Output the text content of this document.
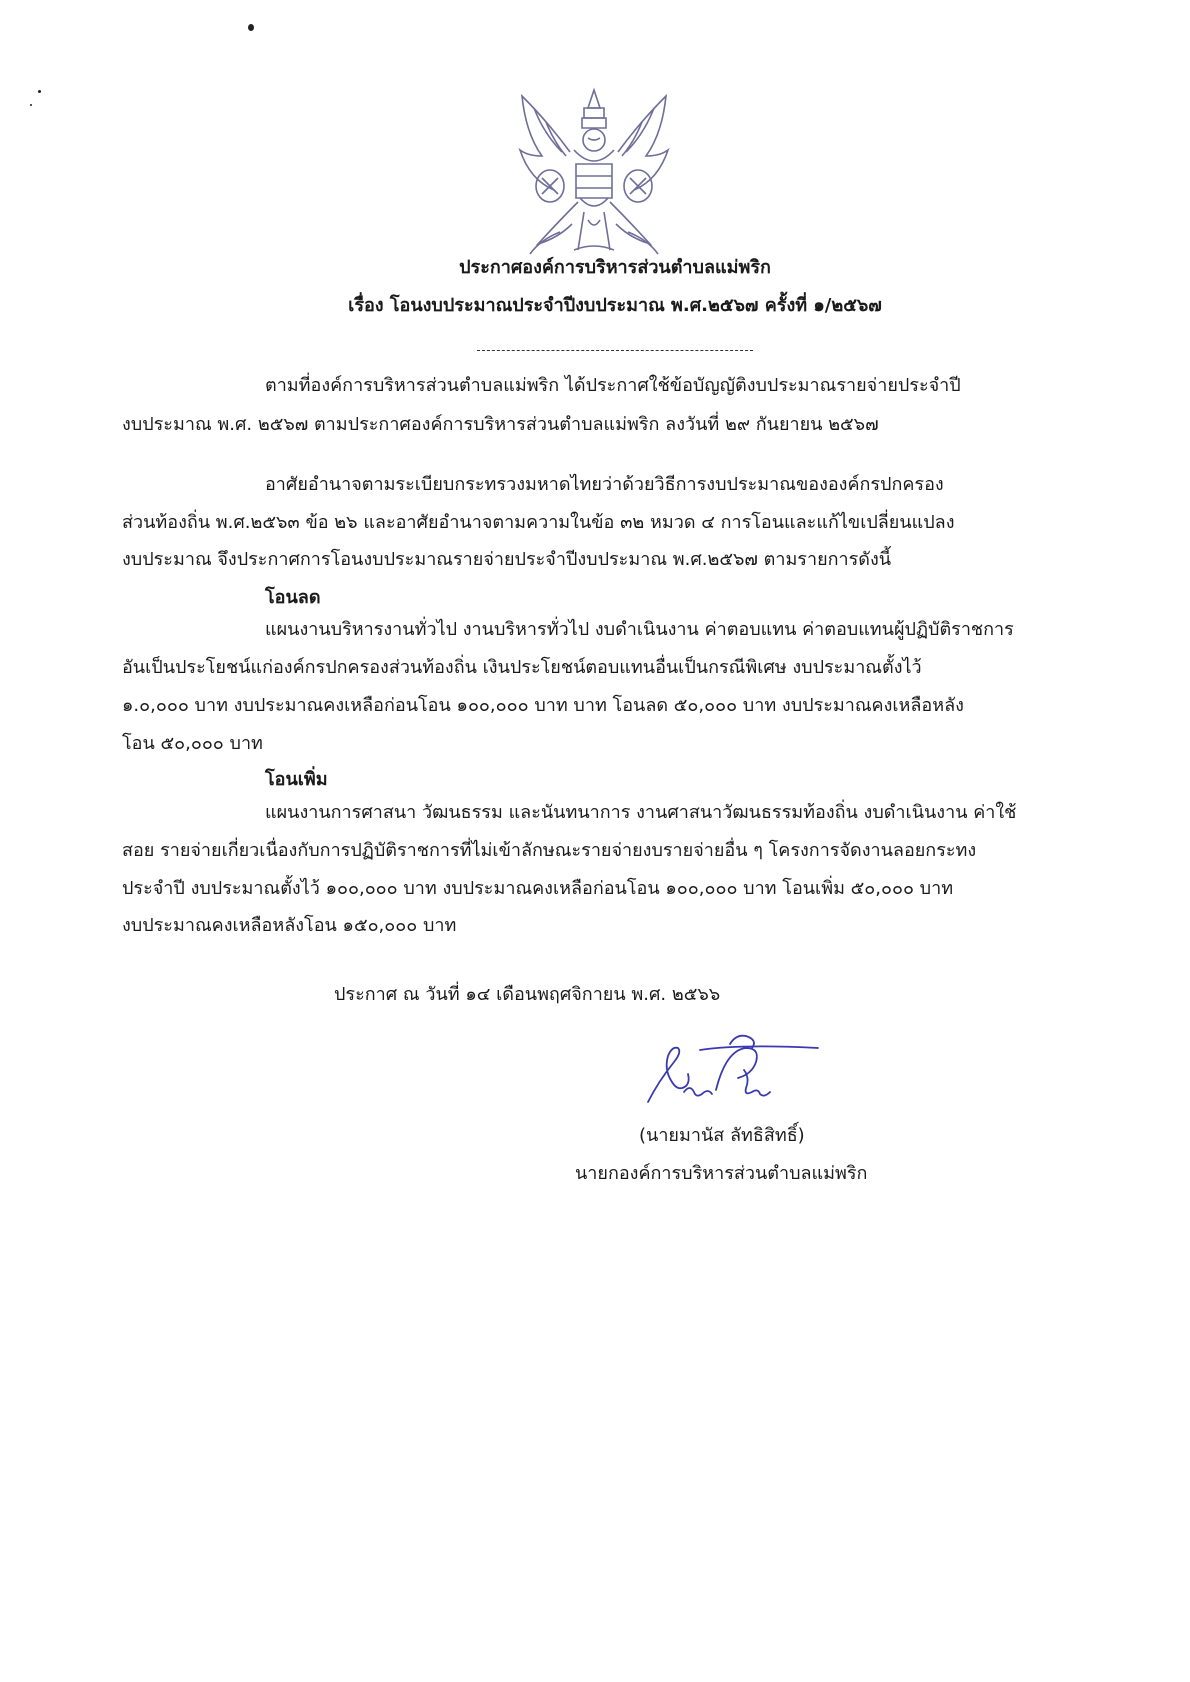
ประกาศองค์การบริหารส่วนตำบลแม่พริก
เรื่อง โอนงบประมาณประจำปีงบประมาณ พ.ศ.๒๕๖๗ ครั้งที่ ๑/๒๕๖๗
ตามที่องค์การบริหารส่วนตำบลแม่พริก ได้ประกาศใช้ข้อบัญญัติงบประมาณรายจ่ายประจำปี
งบประมาณ พ.ศ. ๒๕๖๗ ตามประกาศองค์การบริหารส่วนตำบลแม่พริก ลงวันที่ ๒๙ กันยายน ๒๕๖๗
อาศัยอำนาจตามระเบียบกระทรวงมหาดไทยว่าด้วยวิธีการงบประมาณขององค์กรปกครอง
ส่วนท้องถิ่น พ.ศ.๒๕๖๓ ข้อ ๒๖ และอาศัยอำนาจตามความในข้อ ๓๒ หมวด ๔ การโอนและแก้ไขเปลี่ยนแปลง
งบประมาณ จึงประกาศการโอนงบประมาณรายจ่ายประจำปีงบประมาณ พ.ศ.๒๕๖๗ ตามรายการดังนี้
โอนลด
แผนงานบริหารงานทั่วไป งานบริหารทั่วไป งบดำเนินงาน ค่าตอบแทน ค่าตอบแทนผู้ปฏิบัติราชการ
อันเป็นประโยชน์แก่องค์กรปกครองส่วนท้องถิ่น เงินประโยชน์ตอบแทนอื่นเป็นกรณีพิเศษ งบประมาณตั้งไว้
๑.๐,๐๐๐ บาท งบประมาณคงเหลือก่อนโอน ๑๐๐,๐๐๐ บาท บาท โอนลด ๕๐,๐๐๐ บาท งบประมาณคงเหลือหลัง
โอน ๕๐,๐๐๐ บาท
โอนเพิ่ม
แผนงานการศาสนา วัฒนธรรม และนันทนาการ งานศาสนาวัฒนธรรมท้องถิ่น งบดำเนินงาน ค่าใช้
สอย รายจ่ายเกี่ยวเนื่องกับการปฏิบัติราชการที่ไม่เข้าลักษณะรายจ่ายงบรายจ่ายอื่น ๆ โครงการจัดงานลอยกระทง
ประจำปี งบประมาณตั้งไว้ ๑๐๐,๐๐๐ บาท งบประมาณคงเหลือก่อนโอน ๑๐๐,๐๐๐ บาท โอนเพิ่ม ๕๐,๐๐๐ บาท
งบประมาณคงเหลือหลังโอน ๑๕๐,๐๐๐ บาท
ประกาศ ณ วันที่ ๑๔ เดือนพฤศจิกายน พ.ศ. ๒๕๖๖
(นายมานัส ลัทธิสิทธิ์)
นายกองค์การบริหารส่วนตำบลแม่พริก
